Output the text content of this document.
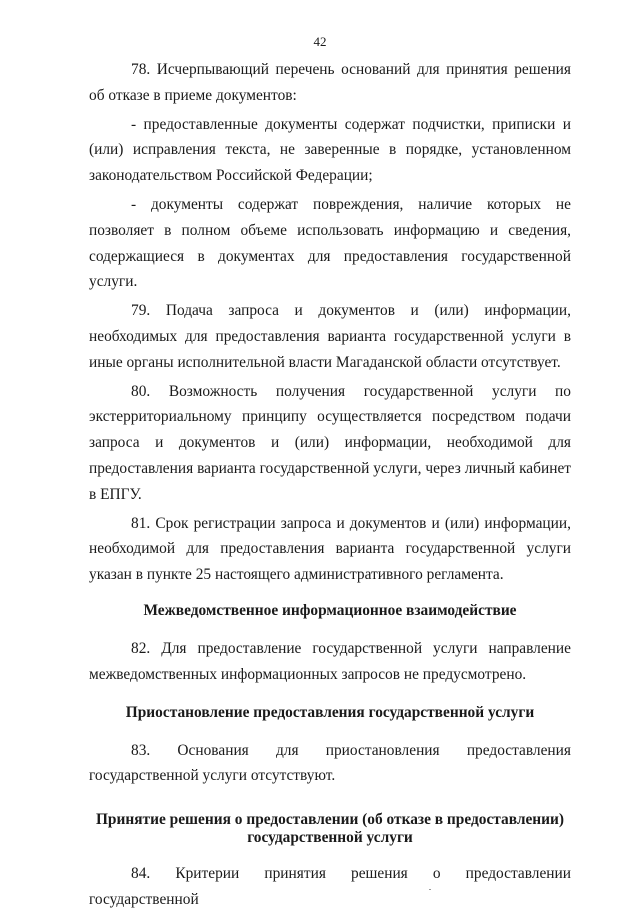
42

78. Исчерпывающий перечень оснований для принятия решения об отказе в приеме документов:

- предоставленные документы содержат подчистки, приписки и (или) исправления текста, не заверенные в порядке, установленном законодательством Российской Федерации;

- документы содержат повреждения, наличие которых не позволяет в полном объеме использовать информацию и сведения, содержащиеся в документах для предоставления государственной услуги.

79. Подача запроса и документов и (или) информации, необходимых для предоставления варианта государственной услуги в иные органы исполнительной власти Магаданской области отсутствует.

80. Возможность получения государственной услуги по экстерриториальному принципу осуществляется посредством подачи запроса и документов и (или) информации, необходимой для предоставления варианта государственной услуги, через личный кабинет в ЕПГУ.

81. Срок регистрации запроса и документов и (или) информации, необходимой для предоставления варианта государственной услуги указан в пункте 25 настоящего административного регламента.

Межведомственное информационное взаимодействие

82. Для предоставление государственной услуги направление межведомственных информационных запросов не предусмотрено.

Приостановление предоставления государственной услуги

83. Основания для приостановления предоставления государственной услуги отсутствуют.

Принятие решения о предоставлении (об отказе в предоставлении)
государственной услуги

84. Критерии принятия решения о предоставлении государственной
